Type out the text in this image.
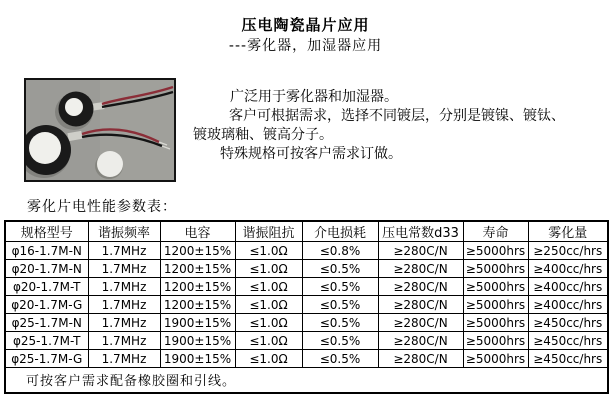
压电陶瓷晶片应用
---雾化器，加湿器应用
广泛用于雾化器和加湿器。
客户可根据需求，选择不同镀层，分别是镀镍、镀钛、
镀玻璃釉、镀高分子。
特殊规格可按客户需求订做。
雾化片电性能参数表：
规格型号	谐振频率	电容	谐振阻抗	介电损耗	压电常数d33	寿命	雾化量
φ16-1.7M-N	1.7MHz	1200±15%	≤1.0Ω	≤0.8%	≥280C/N	≥5000hrs	≥250cc/hrs
φ20-1.7M-N	1.7MHz	1200±15%	≤1.0Ω	≤0.5%	≥280C/N	≥5000hrs	≥400cc/hrs
φ20-1.7M-T	1.7MHz	1200±15%	≤1.0Ω	≤0.5%	≥280C/N	≥5000hrs	≥400cc/hrs
φ20-1.7M-G	1.7MHz	1200±15%	≤1.0Ω	≤0.5%	≥280C/N	≥5000hrs	≥400cc/hrs
φ25-1.7M-N	1.7MHz	1900±15%	≤1.0Ω	≤0.5%	≥280C/N	≥5000hrs	≥450cc/hrs
φ25-1.7M-T	1.7MHz	1900±15%	≤1.0Ω	≤0.5%	≥280C/N	≥5000hrs	≥450cc/hrs
φ25-1.7M-G	1.7MHz	1900±15%	≤1.0Ω	≤0.5%	≥280C/N	≥5000hrs	≥450cc/hrs
可按客户需求配备橡胶圈和引线。							
